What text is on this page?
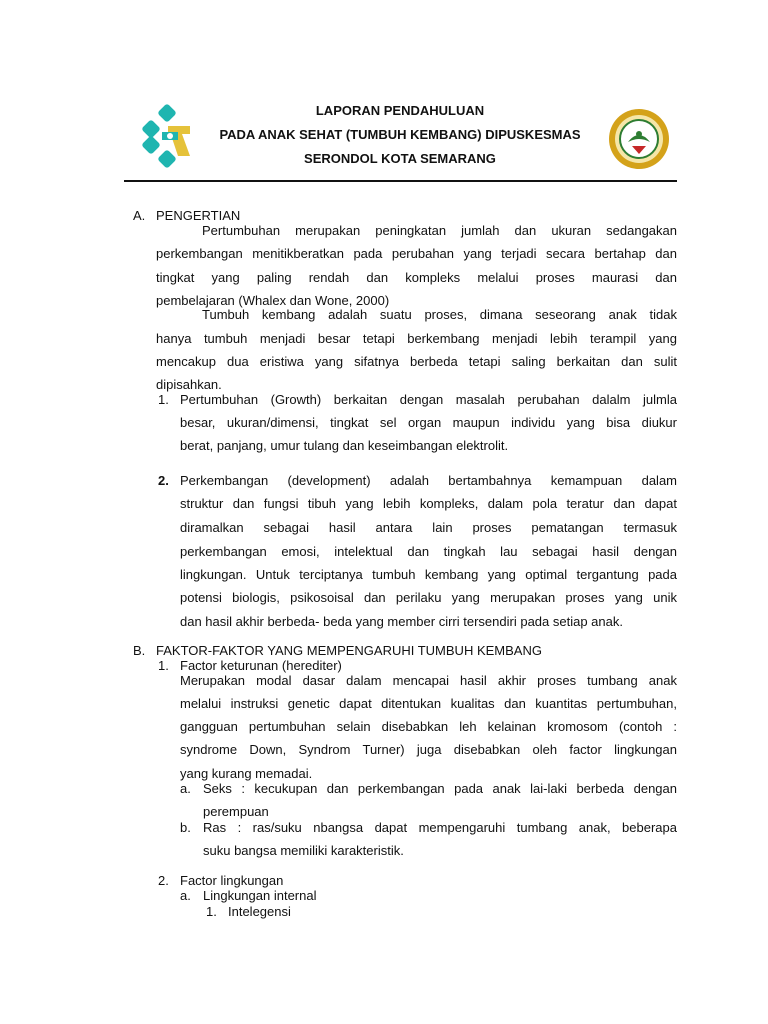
LAPORAN PENDAHULUAN
PADA ANAK SEHAT (TUMBUH KEMBANG) DIPUSKESMAS
SERONDOL KOTA SEMARANG
A. PENGERTIAN
Pertumbuhan merupakan peningkatan jumlah dan ukuran sedangakan
perkembangan menitikberatkan pada perubahan yang terjadi secara bertahap dan
tingkat yang paling rendah dan kompleks melalui proses maurasi dan
pembelajaran (Whalex dan Wone, 2000)
Tumbuh kembang adalah suatu proses, dimana seseorang anak tidak
hanya tumbuh menjadi besar tetapi berkembang menjadi lebih terampil yang
mencakup dua eristiwa yang sifatnya berbeda tetapi saling berkaitan dan sulit
dipisahkan.
1. Pertumbuhan (Growth) berkaitan dengan masalah perubahan dalalm julmla
besar, ukuran/dimensi, tingkat sel organ maupun individu yang bisa diukur
berat, panjang, umur tulang dan keseimbangan elektrolit.
2. Perkembangan (development) adalah bertambahnya kemampuan dalam
struktur dan fungsi tibuh yang lebih kompleks, dalam pola teratur dan dapat
diramalkan sebagai hasil antara lain proses pematangan termasuk
perkembangan emosi, intelektual dan tingkah lau sebagai hasil dengan
lingkungan. Untuk terciptanya tumbuh kembang yang optimal tergantung pada
potensi biologis, psikosoisal dan perilaku yang merupakan proses yang unik
dan hasil akhir berbeda- beda yang member cirri tersendiri pada setiap anak.
B. FAKTOR-FAKTOR YANG MEMPENGARUHI TUMBUH KEMBANG
1. Factor keturunan (herediter)
Merupakan modal dasar dalam mencapai hasil akhir proses tumbang anak
melalui instruksi genetic dapat ditentukan kualitas dan kuantitas pertumbuhan,
gangguan pertumbuhan selain disebabkan leh kelainan kromosom (contoh :
syndrome Down, Syndrom Turner) juga disebabkan oleh factor lingkungan
yang kurang memadai.
a. Seks : kecukupan dan perkembangan pada anak lai-laki berbeda dengan
perempuan
b. Ras : ras/suku nbangsa dapat mempengaruhi tumbang anak, beberapa
suku bangsa memiliki karakteristik.
2. Factor lingkungan
a. Lingkungan internal
1. Intelegensi
